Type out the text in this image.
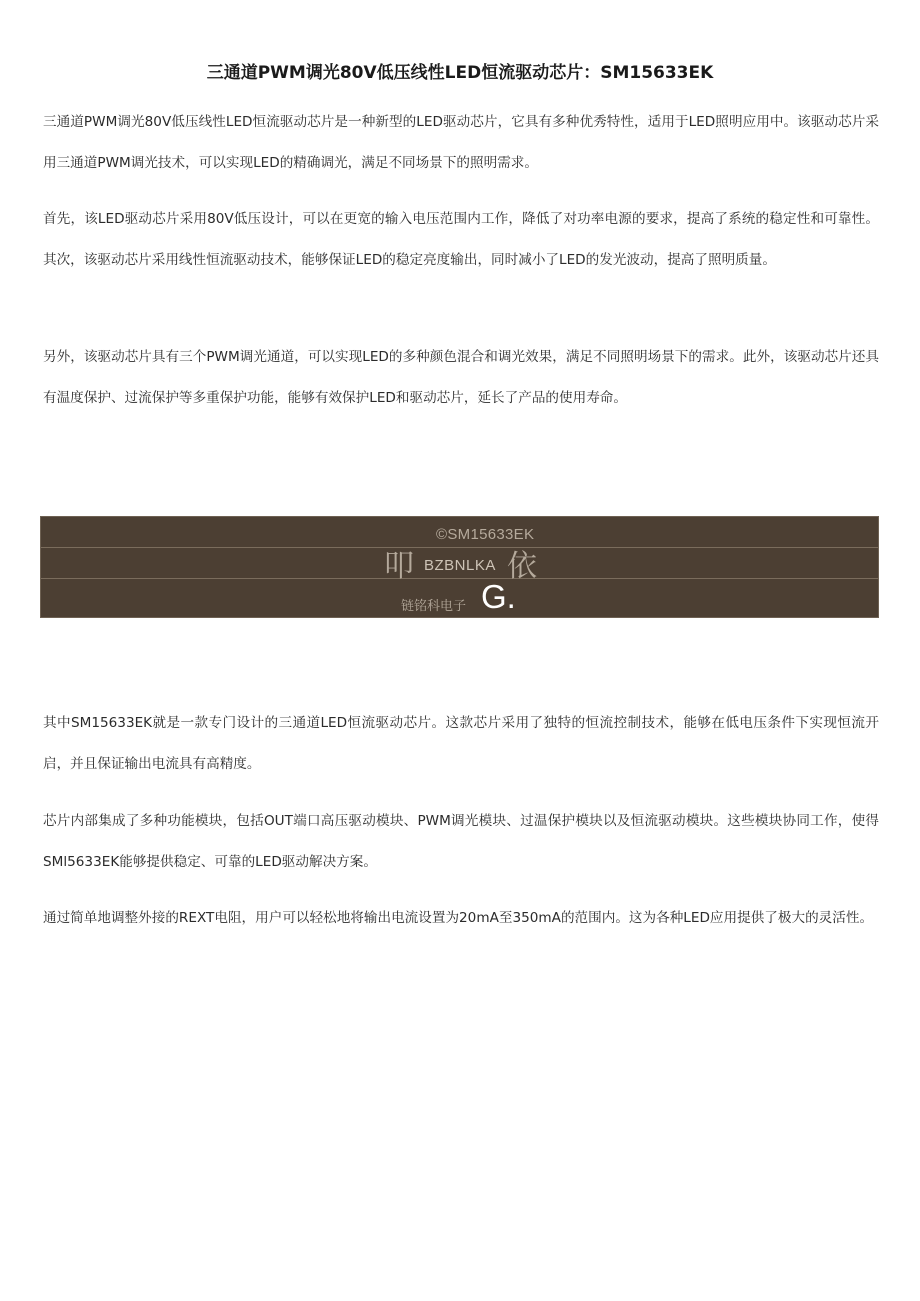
三通道PWM调光80V低压线性LED恒流驱动芯片：SM15633EK

三通道PWM调光80V低压线性LED恒流驱动芯片是一种新型的LED驱动芯片，它具有多种优秀特性，适用于LED照明应用中。该驱动芯片采用三通道PWM调光技术，可以实现LED的精确调光，满足不同场景下的照明需求。

首先，该LED驱动芯片采用80V低压设计，可以在更宽的输入电压范围内工作，降低了对功率电源的要求，提高了系统的稳定性和可靠性。其次，该驱动芯片采用线性恒流驱动技术，能够保证LED的稳定亮度输出，同时减小了LED的发光波动，提高了照明质量。

另外，该驱动芯片具有三个PWM调光通道，可以实现LED的多种颜色混合和调光效果，满足不同照明场景下的需求。此外，该驱动芯片还具有温度保护、过流保护等多重保护功能，能够有效保护LED和驱动芯片，延长了产品的使用寿命。

©SM15633EK
叩 BZBNLKA 依
链铭科电子 G.

其中SM15633EK就是一款专门设计的三通道LED恒流驱动芯片。这款芯片采用了独特的恒流控制技术，能够在低电压条件下实现恒流开启，并且保证输出电流具有高精度。

芯片内部集成了多种功能模块，包括OUT端口高压驱动模块、PWM调光模块、过温保护模块以及恒流驱动模块。这些模块协同工作，使得SMl5633EK能够提供稳定、可靠的LED驱动解决方案。

通过简单地调整外接的REXT电阻，用户可以轻松地将输出电流设置为20mA至350mA的范围内。这为各种LED应用提供了极大的灵活性。
